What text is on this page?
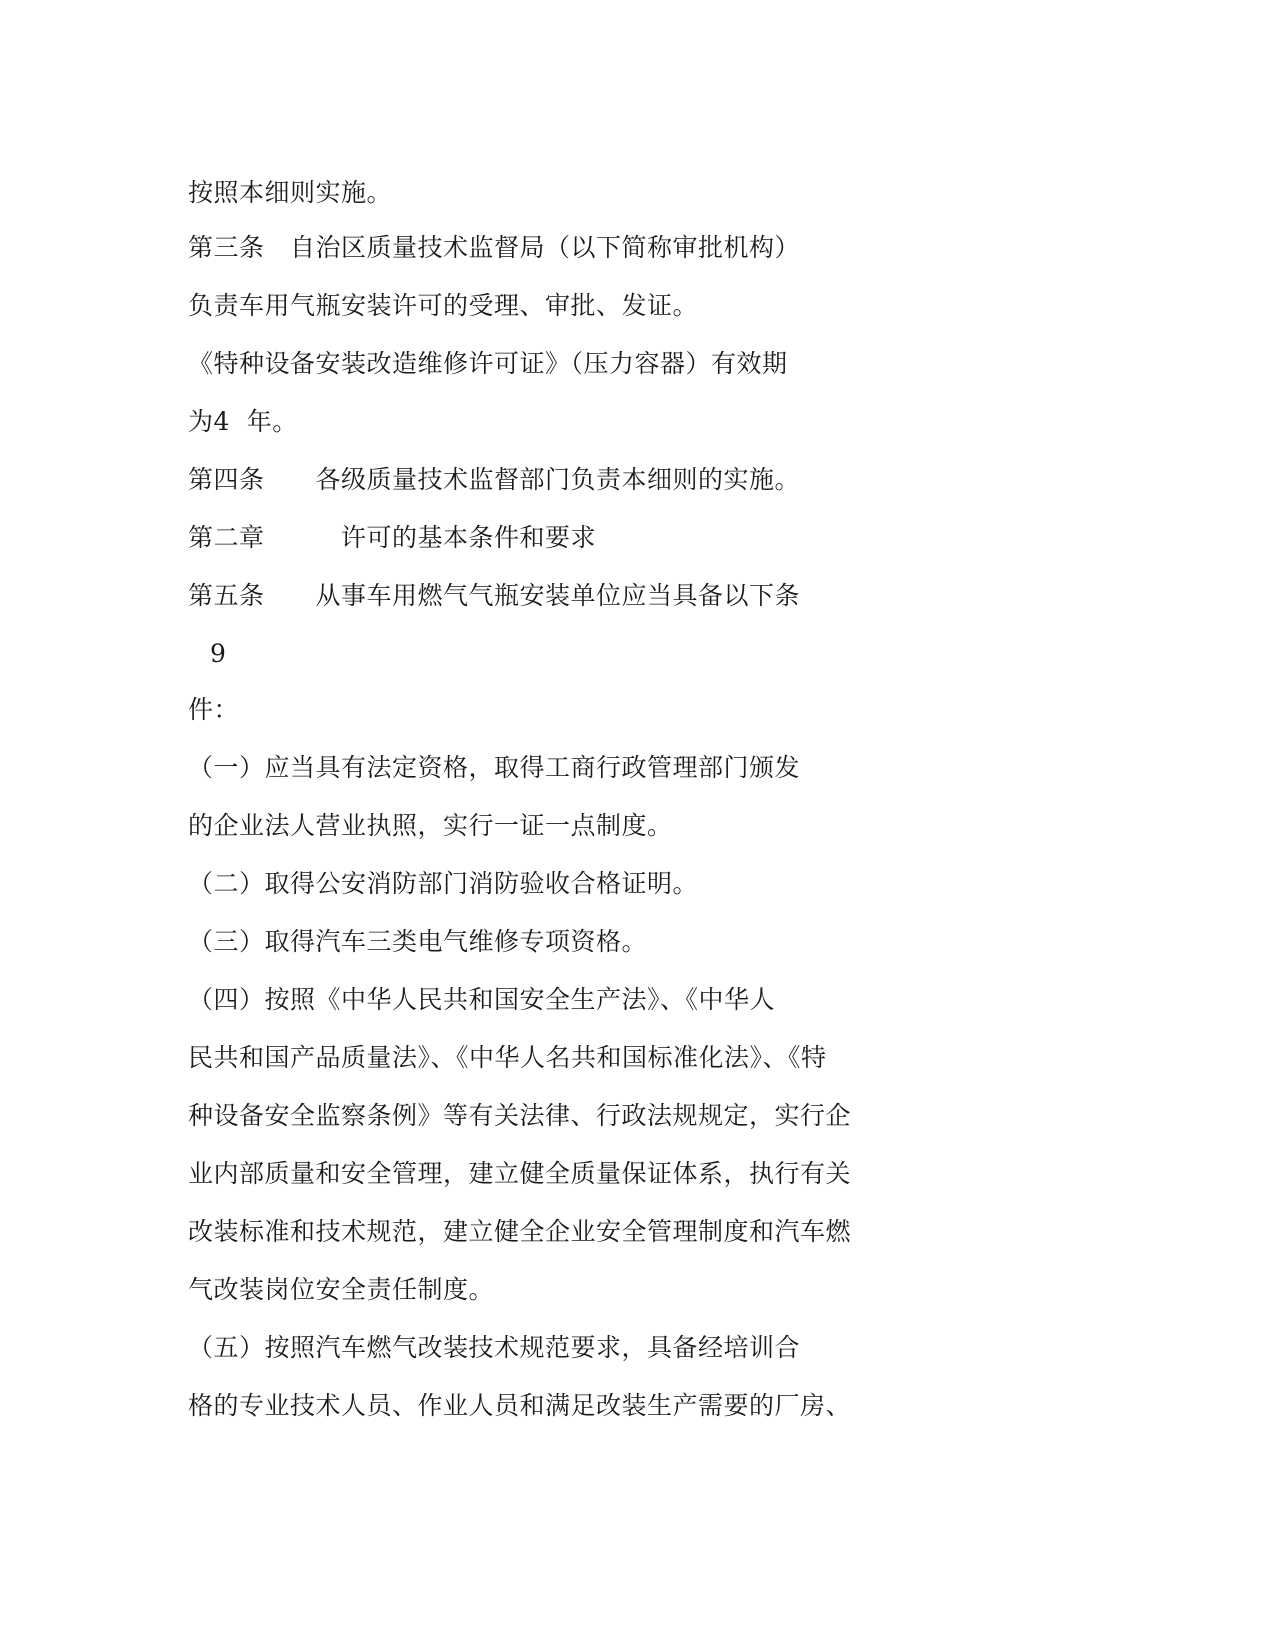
按照本细则实施。
第三条　自治区质量技术监督局（以下简称审批机构）
负责车用气瓶安装许可的受理、审批、发证。
《特种设备安装改造维修许可证》（压力容器）有效期
为4  年。
第四条　　各级质量技术监督部门负责本细则的实施。
第二章　　　许可的基本条件和要求
第五条　　从事车用燃气气瓶安装单位应当具备以下条
9
件：
（一）应当具有法定资格，取得工商行政管理部门颁发
的企业法人营业执照，实行一证一点制度。
（二）取得公安消防部门消防验收合格证明。
（三）取得汽车三类电气维修专项资格。
（四）按照《中华人民共和国安全生产法》、《中华人
民共和国产品质量法》、《中华人名共和国标准化法》、《特
种设备安全监察条例》等有关法律、行政法规规定，实行企
业内部质量和安全管理，建立健全质量保证体系，执行有关
改装标准和技术规范，建立健全企业安全管理制度和汽车燃
气改装岗位安全责任制度。
（五）按照汽车燃气改装技术规范要求，具备经培训合
格的专业技术人员、作业人员和满足改装生产需要的厂房、
